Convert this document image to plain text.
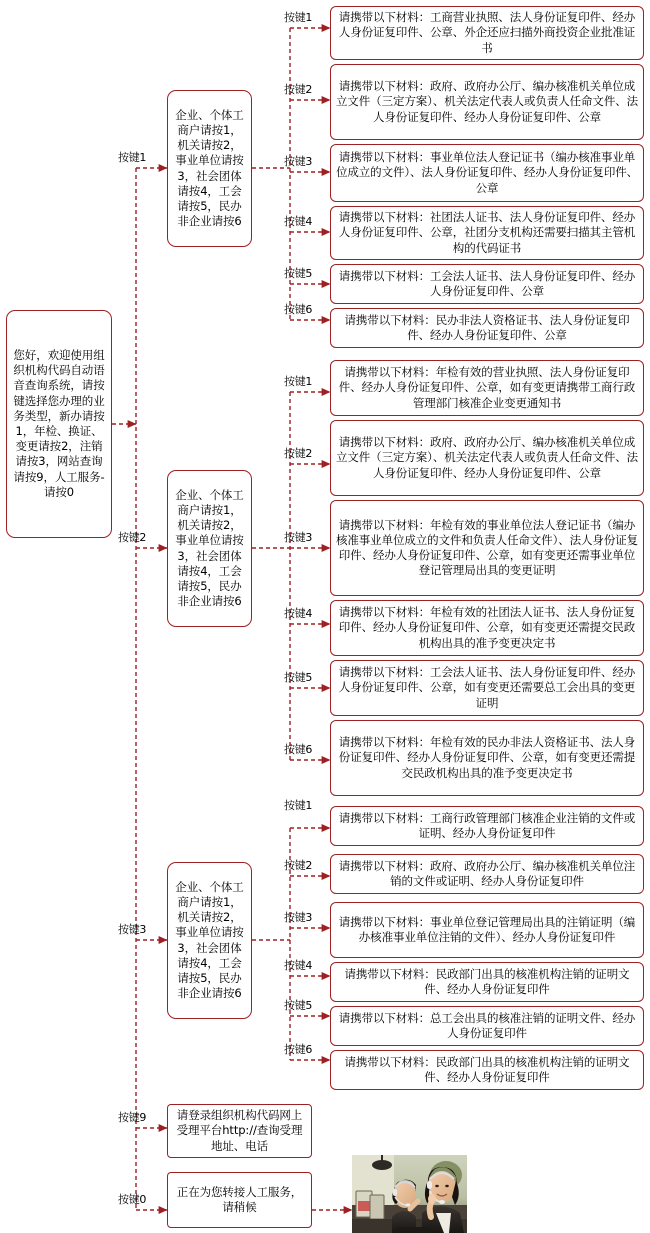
您好，欢迎使用组织机构代码自动语音查询系统，请按键选择您办理的业务类型，新办请按1，年检、换证、变更请按2，注销请按3，网站查询请按9，人工服务-请按0
按键1
按键2
按键3
按键9
按键0
企业、个体工商户请按1，机关请按2，事业单位请按3，社会团体请按4，工会请按5，民办非企业请按6
企业、个体工商户请按1，机关请按2，事业单位请按3，社会团体请按4，工会请按5，民办非企业请按6
企业、个体工商户请按1，机关请按2，事业单位请按3，社会团体请按4，工会请按5，民办非企业请按6
按键1
按键2
按键3
按键4
按键5
按键6
请携带以下材料：工商营业执照、法人身份证复印件、经办人身份证复印件、公章、外企还应扫描外商投资企业批准证书
请携带以下材料：政府、政府办公厅、编办核准机关单位成立文件（三定方案）、机关法定代表人或负责人任命文件、法人身份证复印件、经办人身份证复印件、公章
请携带以下材料：事业单位法人登记证书（编办核准事业单位成立的文件）、法人身份证复印件、经办人身份证复印件、公章
请携带以下材料：社团法人证书、法人身份证复印件、经办人身份证复印件、公章，社团分支机构还需要扫描其主管机构的代码证书
请携带以下材料：工会法人证书、法人身份证复印件、经办人身份证复印件、公章
请携带以下材料：民办非法人资格证书、法人身份证复印件、经办人身份证复印件、公章
按键1
按键2
按键3
按键4
按键5
按键6
请携带以下材料：年检有效的营业执照、法人身份证复印件、经办人身份证复印件、公章，如有变更请携带工商行政管理部门核准企业变更通知书
请携带以下材料：政府、政府办公厅、编办核准机关单位成立文件（三定方案）、机关法定代表人或负责人任命文件、法人身份证复印件、经办人身份证复印件、公章
请携带以下材料：年检有效的事业单位法人登记证书（编办核准事业单位成立的文件和负责人任命文件）、法人身份证复印件、经办人身份证复印件、公章，如有变更还需事业单位登记管理局出具的变更证明
请携带以下材料：年检有效的社团法人证书、法人身份证复印件、经办人身份证复印件、公章，如有变更还需提交民政机构出具的准予变更决定书
请携带以下材料：工会法人证书、法人身份证复印件、经办人身份证复印件、公章，如有变更还需要总工会出具的变更证明
请携带以下材料：年检有效的民办非法人资格证书、法人身份证复印件、经办人身份证复印件、公章，如有变更还需提交民政机构出具的准予变更决定书
按键1
按键2
按键3
按键4
按键5
按键6
请携带以下材料：工商行政管理部门核准企业注销的文件或证明、经办人身份证复印件
请携带以下材料：政府、政府办公厅、编办核准机关单位注销的文件或证明、经办人身份证复印件
请携带以下材料：事业单位登记管理局出具的注销证明（编办核准事业单位注销的文件）、经办人身份证复印件
请携带以下材料：民政部门出具的核准机构注销的证明文件、经办人身份证复印件
请携带以下材料：总工会出具的核准注销的证明文件、经办人身份证复印件
请携带以下材料：民政部门出具的核准机构注销的证明文件、经办人身份证复印件
请登录组织机构代码网上受理平台http://查询受理地址、电话
正在为您转接人工服务，请稍候
